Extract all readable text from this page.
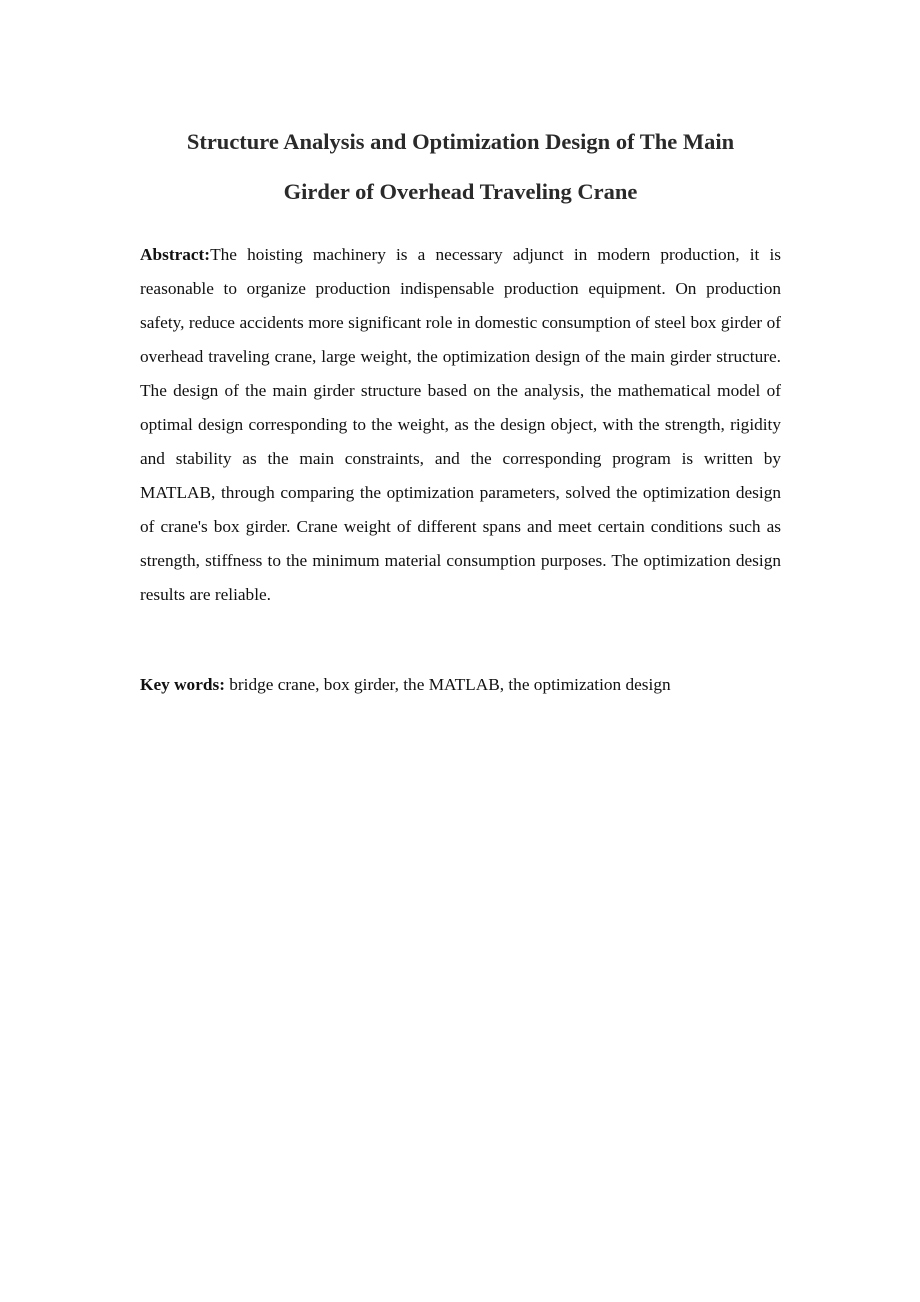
Structure Analysis and Optimization Design of The Main
Girder of Overhead Traveling Crane

Abstract:The hoisting machinery is a necessary adjunct in modern production, it is reasonable to organize production indispensable production equipment. On production safety, reduce accidents more significant role in domestic consumption of steel box girder of overhead traveling crane, large weight, the optimization design of the main girder structure. The design of the main girder structure based on the analysis, the mathematical model of optimal design corresponding to the weight, as the design object, with the strength, rigidity and stability as the main constraints, and the corresponding program is written by MATLAB, through comparing the optimization parameters, solved the optimization design of crane's box girder. Crane weight of different spans and meet certain conditions such as strength, stiffness to the minimum material consumption purposes. The optimization design results are reliable.

Key words: bridge crane, box girder, the MATLAB, the optimization design
